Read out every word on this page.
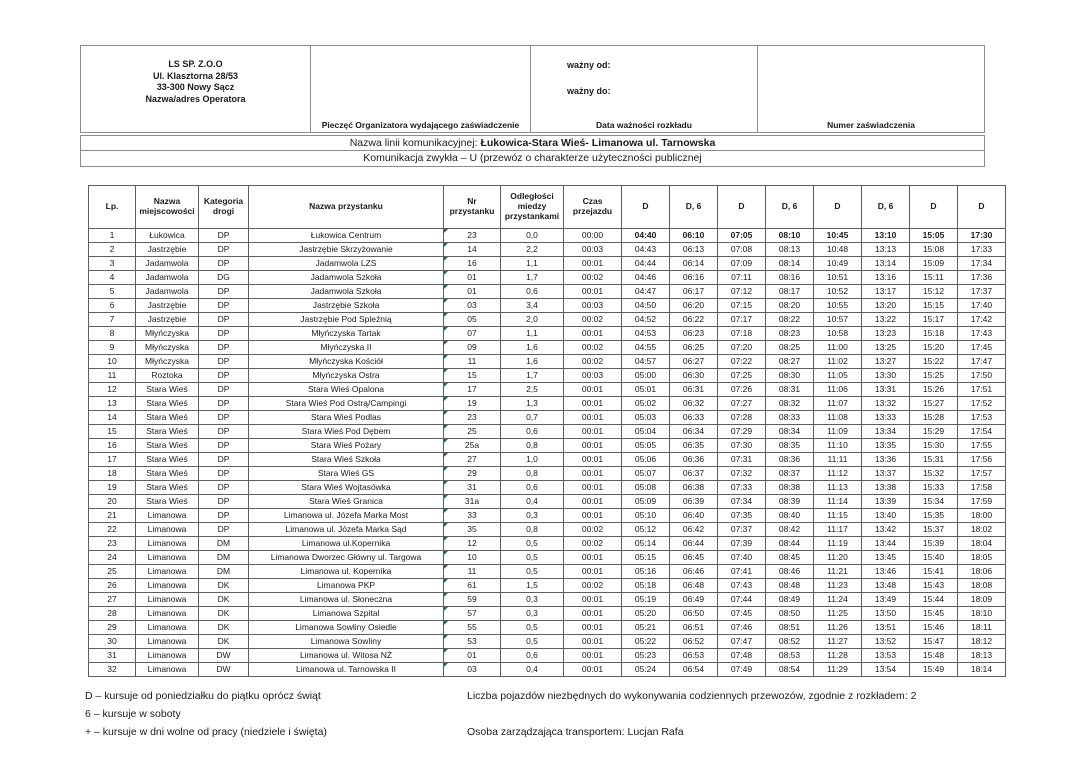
LS SP. Z.O.O
Ul. Klasztorna 28/53
33-300 Nowy Sącz
Nazwa/adres Operatora
Pieczęć Organizatora wydającego zaświadczenie
ważny od:
ważny do:
Data ważności rozkładu	Numer zaświadczenia
Nazwa linii komunikacyjnej: Łukowica-Stara Wieś- Limanowa ul. Tarnowska
Komunikacja zwykła – U (przewóz o charakterze użyteczności publicznej
Lp.	Nazwa miejscowości	Kategoria drogi	Nazwa przystanku	Nr przystanku	Odległości miedzy przystankami	Czas przejazdu	D	D, 6	D	D, 6	D	D, 6	D	D
1	Łukowica	DP	Łukowica Centrum	23	0,0	00:00	04:40	06:10	07:05	08:10	10:45	13:10	15:05	17:30
2	Jastrzębie	DP	Jastrzębie Skrzyżowanie	14	2,2	00:03	04:43	06:13	07:08	08:13	10:48	13:13	15:08	17:33
3	Jadamwola	DP	Jadamwola LZS	16	1,1	00:01	04:44	06:14	07:09	08:14	10:49	13:14	15:09	17:34
4	Jadamwola	DG	Jadamwola Szkoła	01	1,7	00:02	04:46	06:16	07:11	08:16	10:51	13:16	15:11	17:36
5	Jadamwola	DP	Jadamwola Szkoła	01	0,6	00:01	04:47	06:17	07:12	08:17	10:52	13:17	15:12	17:37
6	Jastrzębie	DP	Jastrzębie Szkoła	03	3,4	00:03	04:50	06:20	07:15	08:20	10:55	13:20	15:15	17:40
7	Jastrzębie	DP	Jastrzębie Pod Spleźnią	05	2,0	00:02	04:52	06:22	07:17	08:22	10:57	13:22	15:17	17:42
8	Młyńczyska	DP	Młyńczyska Tartak	07	1,1	00:01	04:53	06:23	07:18	08:23	10:58	13:23	15:18	17:43
9	Młyńczyska	DP	Młyńczyska II	09	1,6	00:02	04:55	06:25	07:20	08:25	11:00	13:25	15:20	17:45
10	Młyńczyska	DP	Młyńczyska Kościół	11	1,6	00:02	04:57	06:27	07:22	08:27	11:02	13:27	15:22	17:47
11	Roztoka	DP	Młyńczyska Ostra	15	1,7	00:03	05:00	06:30	07:25	08:30	11:05	13:30	15:25	17:50
12	Stara Wieś	DP	Stara Wieś Opalona	17	2,5	00:01	05:01	06:31	07:26	08:31	11:06	13:31	15:26	17:51
13	Stara Wieś	DP	Stara Wieś Pod Ostrą/Campingi	19	1,3	00:01	05:02	06:32	07:27	08:32	11:07	13:32	15:27	17:52
14	Stara Wieś	DP	Stara Wieś Podlas	23	0,7	00:01	05:03	06:33	07:28	08:33	11:08	13:33	15:28	17:53
15	Stara Wieś	DP	Stara Wieś Pod Dębem	25	0,6	00:01	05:04	06:34	07:29	08:34	11:09	13:34	15:29	17:54
16	Stara Wieś	DP	Stara Wieś Pożary	25a	0,8	00:01	05:05	06:35	07:30	08:35	11:10	13:35	15:30	17:55
17	Stara Wieś	DP	Stara Wieś Szkoła	27	1,0	00:01	05:06	06:36	07:31	08:36	11:11	13:36	15:31	17:56
18	Stara Wieś	DP	Stara Wieś GS	29	0,8	00:01	05:07	06:37	07:32	08:37	11:12	13:37	15:32	17:57
19	Stara Wieś	DP	Stara Wieś Wojtasówka	31	0,6	00:01	05:08	06:38	07:33	08:38	11:13	13:38	15:33	17:58
20	Stara Wieś	DP	Stara Wieś Granica	31a	0,4	00:01	05:09	06:39	07:34	08:39	11:14	13:39	15:34	17:59
21	Limanowa	DP	Limanowa ul. Józefa Marka Most	33	0,3	00:01	05:10	06:40	07:35	08:40	11:15	13:40	15:35	18:00
22	Limanowa	DP	Limanowa ul. Józefa Marka Sąd	35	0,8	00:02	05:12	06:42	07:37	08:42	11:17	13:42	15:37	18:02
23	Limanowa	DM	Limanowa ul.Kopernika	12	0,5	00:02	05:14	06:44	07:39	08:44	11:19	13:44	15:39	18:04
24	Limanowa	DM	Limanowa Dworzec Główny ul. Targowa	10	0,5	00:01	05:15	06:45	07:40	08:45	11:20	13:45	15:40	18:05
25	Limanowa	DM	Limanowa ul. Kopernika	11	0,5	00:01	05:16	06:46	07:41	08:46	11:21	13:46	15:41	18:06
26	Limanowa	DK	Limanowa PKP	61	1,5	00:02	05:18	06:48	07:43	08:48	11:23	13:48	15:43	18:08
27	Limanowa	DK	Limanowa ul. Słoneczna	59	0,3	00:01	05:19	06:49	07:44	08:49	11:24	13:49	15:44	18:09
28	Limanowa	DK	Limanowa Szpital	57	0,3	00:01	05:20	06:50	07:45	08:50	11:25	13:50	15:45	18:10
29	Limanowa	DK	Limanowa Sowliny Osiedle	55	0,5	00:01	05:21	06:51	07:46	08:51	11:26	13:51	15:46	18:11
30	Limanowa	DK	Limanowa Sowliny	53	0,5	00:01	05:22	06:52	07:47	08:52	11:27	13:52	15:47	18:12
31	Limanowa	DW	Limanowa ul. Witosa NŻ	01	0,6	00:01	05:23	06:53	07:48	08:53	11:28	13:53	15:48	18:13
32	Limanowa	DW	Limanowa ul. Tarnowska II	03	0,4	00:01	05:24	06:54	07:49	08:54	11:29	13:54	15:49	18:14
D – kursuje od poniedziałku do piątku oprócz świąt
6 – kursuje w soboty
+ – kursuje w dni wolne od pracy (niedziele i święta)
Liczba pojazdów niezbędnych do wykonywania codziennych przewozów, zgodnie z rozkładem: 2
Osoba zarządzająca transportem: Lucjan Rafa
